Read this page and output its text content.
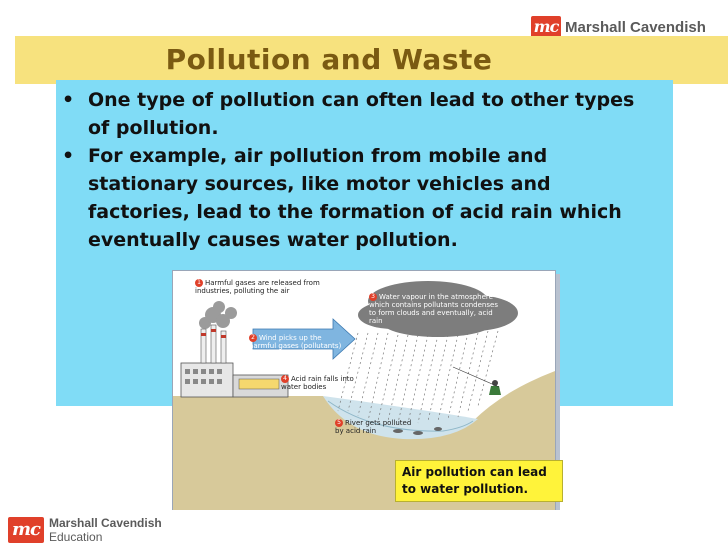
mc Marshall Cavendish
Pollution and Waste
• One type of pollution can often lead to other types of pollution.
• For example, air pollution from mobile and stationary sources, like motor vehicles and factories, lead to the formation of acid rain which eventually causes water pollution.
1 Harmful gases are released from industries, polluting the air
2 Wind picks up the harmful gases (pollutants)
3 Water vapour in the atmosphere which contains pollutants condenses to form clouds and eventually, acid rain
4 Acid rain falls into water bodies
5 River gets polluted by acid rain
Air pollution can lead to water pollution.
mc Marshall Cavendish
Education
